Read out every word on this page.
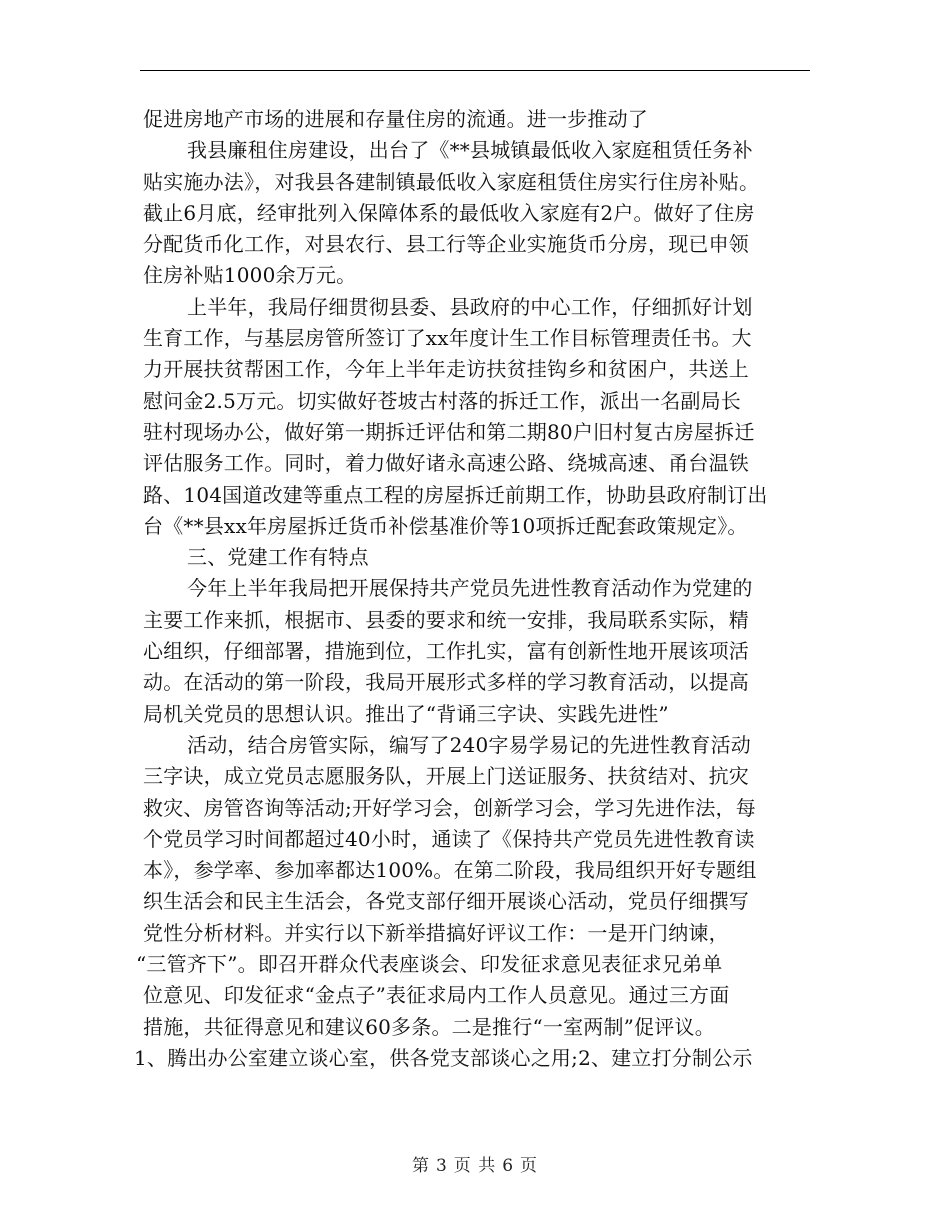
促进房地产市场的进展和存量住房的流通。进一步推动了
我县廉租住房建设，出台了《**县城镇最低收入家庭租赁任务补
贴实施办法》，对我县各建制镇最低收入家庭租赁住房实行住房补贴。
截止6月底，经审批列入保障体系的最低收入家庭有2户。做好了住房
分配货币化工作，对县农行、县工行等企业实施货币分房，现已申领
住房补贴1000余万元。
上半年，我局仔细贯彻县委、县政府的中心工作，仔细抓好计划
生育工作，与基层房管所签订了xx年度计生工作目标管理责任书。大
力开展扶贫帮困工作，今年上半年走访扶贫挂钩乡和贫困户，共送上
慰问金2.5万元。切实做好苍坡古村落的拆迁工作，派出一名副局长
驻村现场办公，做好第一期拆迁评估和第二期80户旧村复古房屋拆迁
评估服务工作。同时，着力做好诸永高速公路、绕城高速、甬台温铁
路、104国道改建等重点工程的房屋拆迁前期工作，协助县政府制订出
台《**县xx年房屋拆迁货币补偿基准价等10项拆迁配套政策规定》。
三、党建工作有特点
今年上半年我局把开展保持共产党员先进性教育活动作为党建的
主要工作来抓，根据市、县委的要求和统一安排，我局联系实际，精
心组织，仔细部署，措施到位，工作扎实，富有创新性地开展该项活
动。在活动的第一阶段，我局开展形式多样的学习教育活动，以提高
局机关党员的思想认识。推出了“背诵三字诀、实践先进性”
活动，结合房管实际，编写了240字易学易记的先进性教育活动
三字诀，成立党员志愿服务队，开展上门送证服务、扶贫结对、抗灾
救灾、房管咨询等活动;开好学习会，创新学习会，学习先进作法，每
个党员学习时间都超过40小时，通读了《保持共产党员先进性教育读
本》，参学率、参加率都达100%。在第二阶段，我局组织开好专题组
织生活会和民主生活会，各党支部仔细开展谈心活动，党员仔细撰写
党性分析材料。并实行以下新举措搞好评议工作：一是开门纳谏，
“三管齐下”。即召开群众代表座谈会、印发征求意见表征求兄弟单
位意见、印发征求“金点子”表征求局内工作人员意见。通过三方面
措施，共征得意见和建议60多条。二是推行“一室两制”促评议。
1、腾出办公室建立谈心室，供各党支部谈心之用;2、建立打分制公示
第 3 页 共 6 页
